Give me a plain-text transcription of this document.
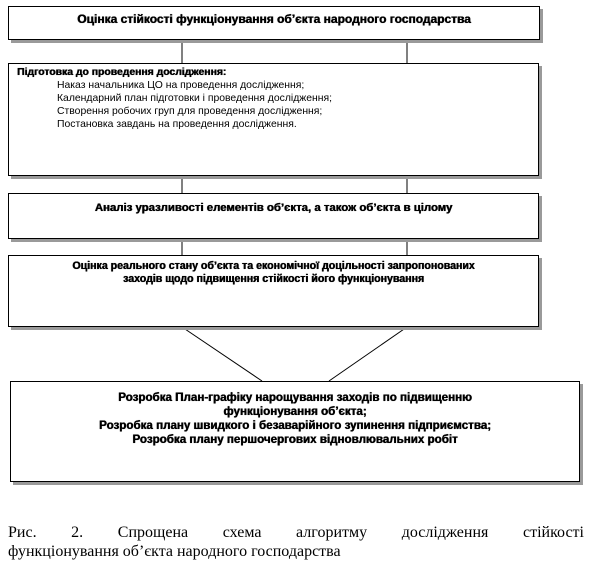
Оцінка стійкості функціонування об’єкта народного господарства
Підготовка до проведення дослідження:
Наказ начальника ЦО на проведення дослідження;
Календарний план підготовки і проведення дослідження;
Створення робочих груп для проведення дослідження;
Постановка завдань на проведення дослідження.
Аналіз уразливості елементів об’єкта, а також об’єкта в цілому
Оцінка реального стану об’єкта та економічної доцільності запропонованих
заходів щодо підвищення стійкості його функціонування
Розробка План-графіку нарощування заходів по підвищенню
функціонування об’єкта;
Розробка плану швидкого і безаварійного зупинення підприємства;
Розробка плану першочергових відновлювальних робіт
Рис. 2. Спрощена схема алгоритму дослідження стійкості
функціонування об’єкта народного господарства
